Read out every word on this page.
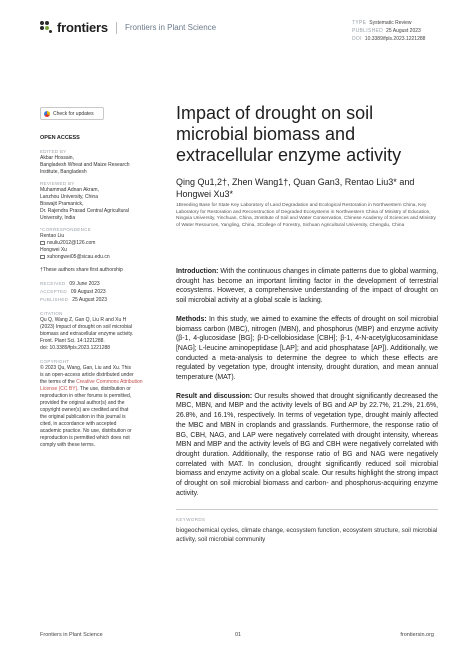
frontiers Frontiers in Plant Science	TYPE Systematic Review
PUBLISHED 25 August 2023
DOI 10.3389/fpls.2023.1221288
Check for updates
OPEN ACCESS
EDITED BY
Akbar Hossain,
Bangladesh Wheat and Maize Research
Institute, Bangladesh
REVIEWED BY
Muhammad Adnan Akram,
Lanzhou University, China
Biswajit Pramanick,
Dr. Rajendra Prasad Central Agricultural
University, India
*CORRESPONDENCE
Rentao Liu
nxuliu2012@126.com
Hongwei Xu
xuhongwei05@sicau.edu.cn
†These authors share first authorship
RECEIVED 09 June 2023
ACCEPTED 09 August 2023
PUBLISHED 25 August 2023
CITATION
Qu Q, Wang Z, Gan Q, Liu R and Xu H
(2023) Impact of drought on soil microbial
biomass and extracellular enzyme activity.
Front. Plant Sci. 14:1221288.
doi: 10.3389/fpls.2023.1221288
COPYRIGHT
© 2023 Qu, Wang, Gan, Liu and Xu. This
is an open-access article distributed under
the terms of the Creative Commons Attribution
License (CC BY). The use, distribution or
reproduction in other forums is permitted,
provided the original author(s) and the
copyright owner(s) are credited and that
the original publication in this journal is
cited, in accordance with accepted
academic practice. No use, distribution or
reproduction is permitted which does not
comply with these terms.
Impact of drought on soil microbial biomass and extracellular enzyme activity
Qing Qu1,2†, Zhen Wang1†, Quan Gan3, Rentao Liu3* and Hongwei Xu3*
1Breeding Base for State Key Laboratory of Land Degradation and Ecological Restoration in Northwestern China, Key Laboratory for Restoration and Reconstruction of Degraded Ecosystems in Northwestern China of Ministry of Education, Ningxia University, Yinchuan, China, 2Institute of Soil and Water Conservation, Chinese Academy of Sciences and Ministry of Water Resources, Yangling, China, 3College of Forestry, Sichuan Agricultural University, Chengdu, China

Introduction: With the continuous changes in climate patterns due to global warming, drought has become an important limiting factor in the development of terrestrial ecosystems. However, a comprehensive understanding of the impact of drought on soil microbial activity at a global scale is lacking.

Methods: In this study, we aimed to examine the effects of drought on soil microbial biomass carbon (MBC), nitrogen (MBN), and phosphorus (MBP) and enzyme activity (β-1, 4-glucosidase [BG]; β-D-cellobiosidase [CBH]; β-1, 4-N-acetylglucosaminidase [NAG]; L-leucine aminopeptidase [LAP]; and acid phosphatase [AP]). Additionally, we conducted a meta-analysis to determine the degree to which these effects are regulated by vegetation type, drought intensity, drought duration, and mean annual temperature (MAT).

Result and discussion: Our results showed that drought significantly decreased the MBC, MBN, and MBP and the activity levels of BG and AP by 22.7%, 21.2%, 21.6%, 26.8%, and 16.1%, respectively. In terms of vegetation type, drought mainly affected the MBC and MBN in croplands and grasslands. Furthermore, the response ratio of BG, CBH, NAG, and LAP were negatively correlated with drought intensity, whereas MBN and MBP and the activity levels of BG and CBH were negatively correlated with drought duration. Additionally, the response ratio of BG and NAG were negatively correlated with MAT. In conclusion, drought significantly reduced soil microbial biomass and enzyme activity on a global scale. Our results highlight the strong impact of drought on soil microbial biomass and carbon- and phosphorus-acquiring enzyme activity.

KEYWORDS
biogeochemical cycles, climate change, ecosystem function, ecosystem structure, soil microbial activity, soil microbial community
Frontiers in Plant Science	01	frontiersin.org
